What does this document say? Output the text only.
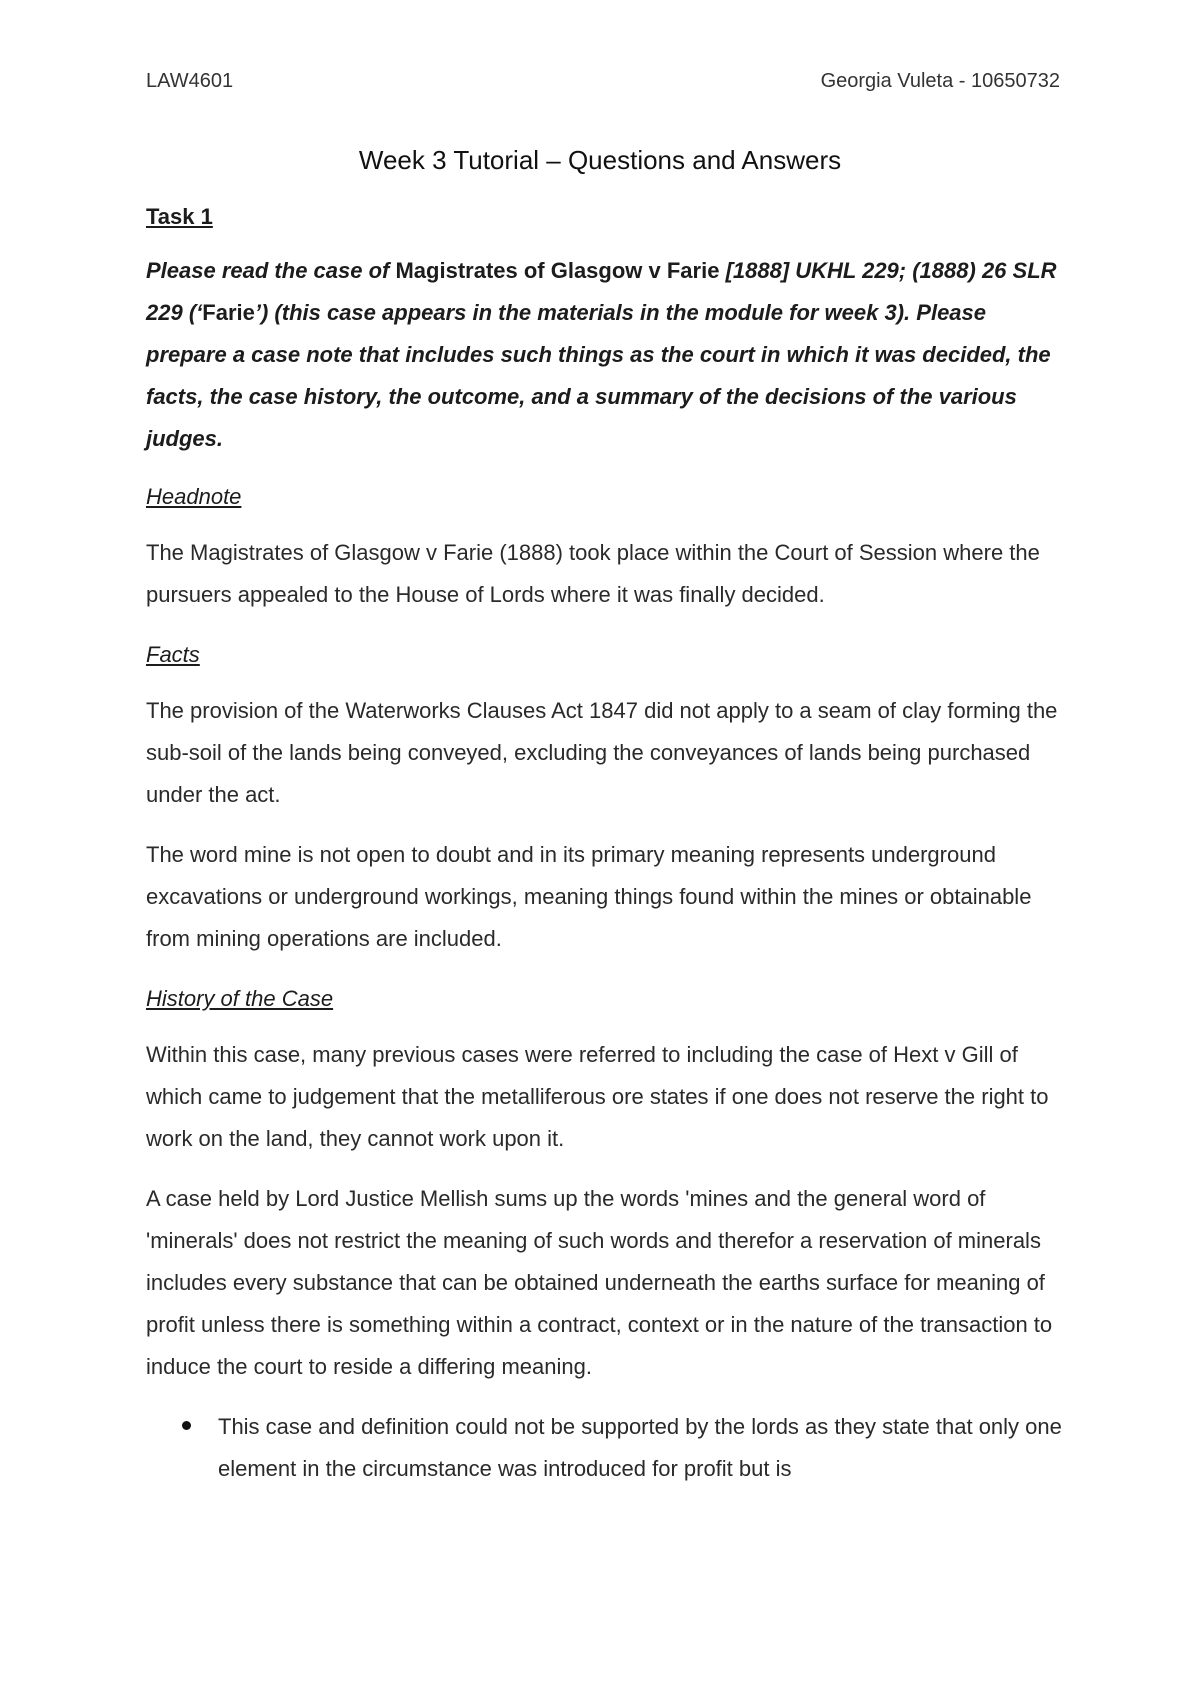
LAW4601	Georgia Vuleta - 10650732
Week 3 Tutorial – Questions and Answers

Task 1

Please read the case of Magistrates of Glasgow v Farie [1888] UKHL 229; (1888) 26 SLR 229 (‘Farie’) (this case appears in the materials in the module for week 3). Please prepare a case note that includes such things as the court in which it was decided, the facts, the case history, the outcome, and a summary of the decisions of the various judges.

Headnote

The Magistrates of Glasgow v Farie (1888) took place within the Court of Session where the pursuers appealed to the House of Lords where it was finally decided.

Facts

The provision of the Waterworks Clauses Act 1847 did not apply to a seam of clay forming the sub-soil of the lands being conveyed, excluding the conveyances of lands being purchased under the act.

The word mine is not open to doubt and in its primary meaning represents underground excavations or underground workings, meaning things found within the mines or obtainable from mining operations are included.

History of the Case

Within this case, many previous cases were referred to including the case of Hext v Gill of which came to judgement that the metalliferous ore states if one does not reserve the right to work on the land, they cannot work upon it.

A case held by Lord Justice Mellish sums up the words 'mines and the general word of 'minerals' does not restrict the meaning of such words and therefor a reservation of minerals includes every substance that can be obtained underneath the earths surface for meaning of profit unless there is something within a contract, context or in the nature of the transaction to induce the court to reside a differing meaning.

This case and definition could not be supported by the lords as they state that only one element in the circumstance was introduced for profit but is
